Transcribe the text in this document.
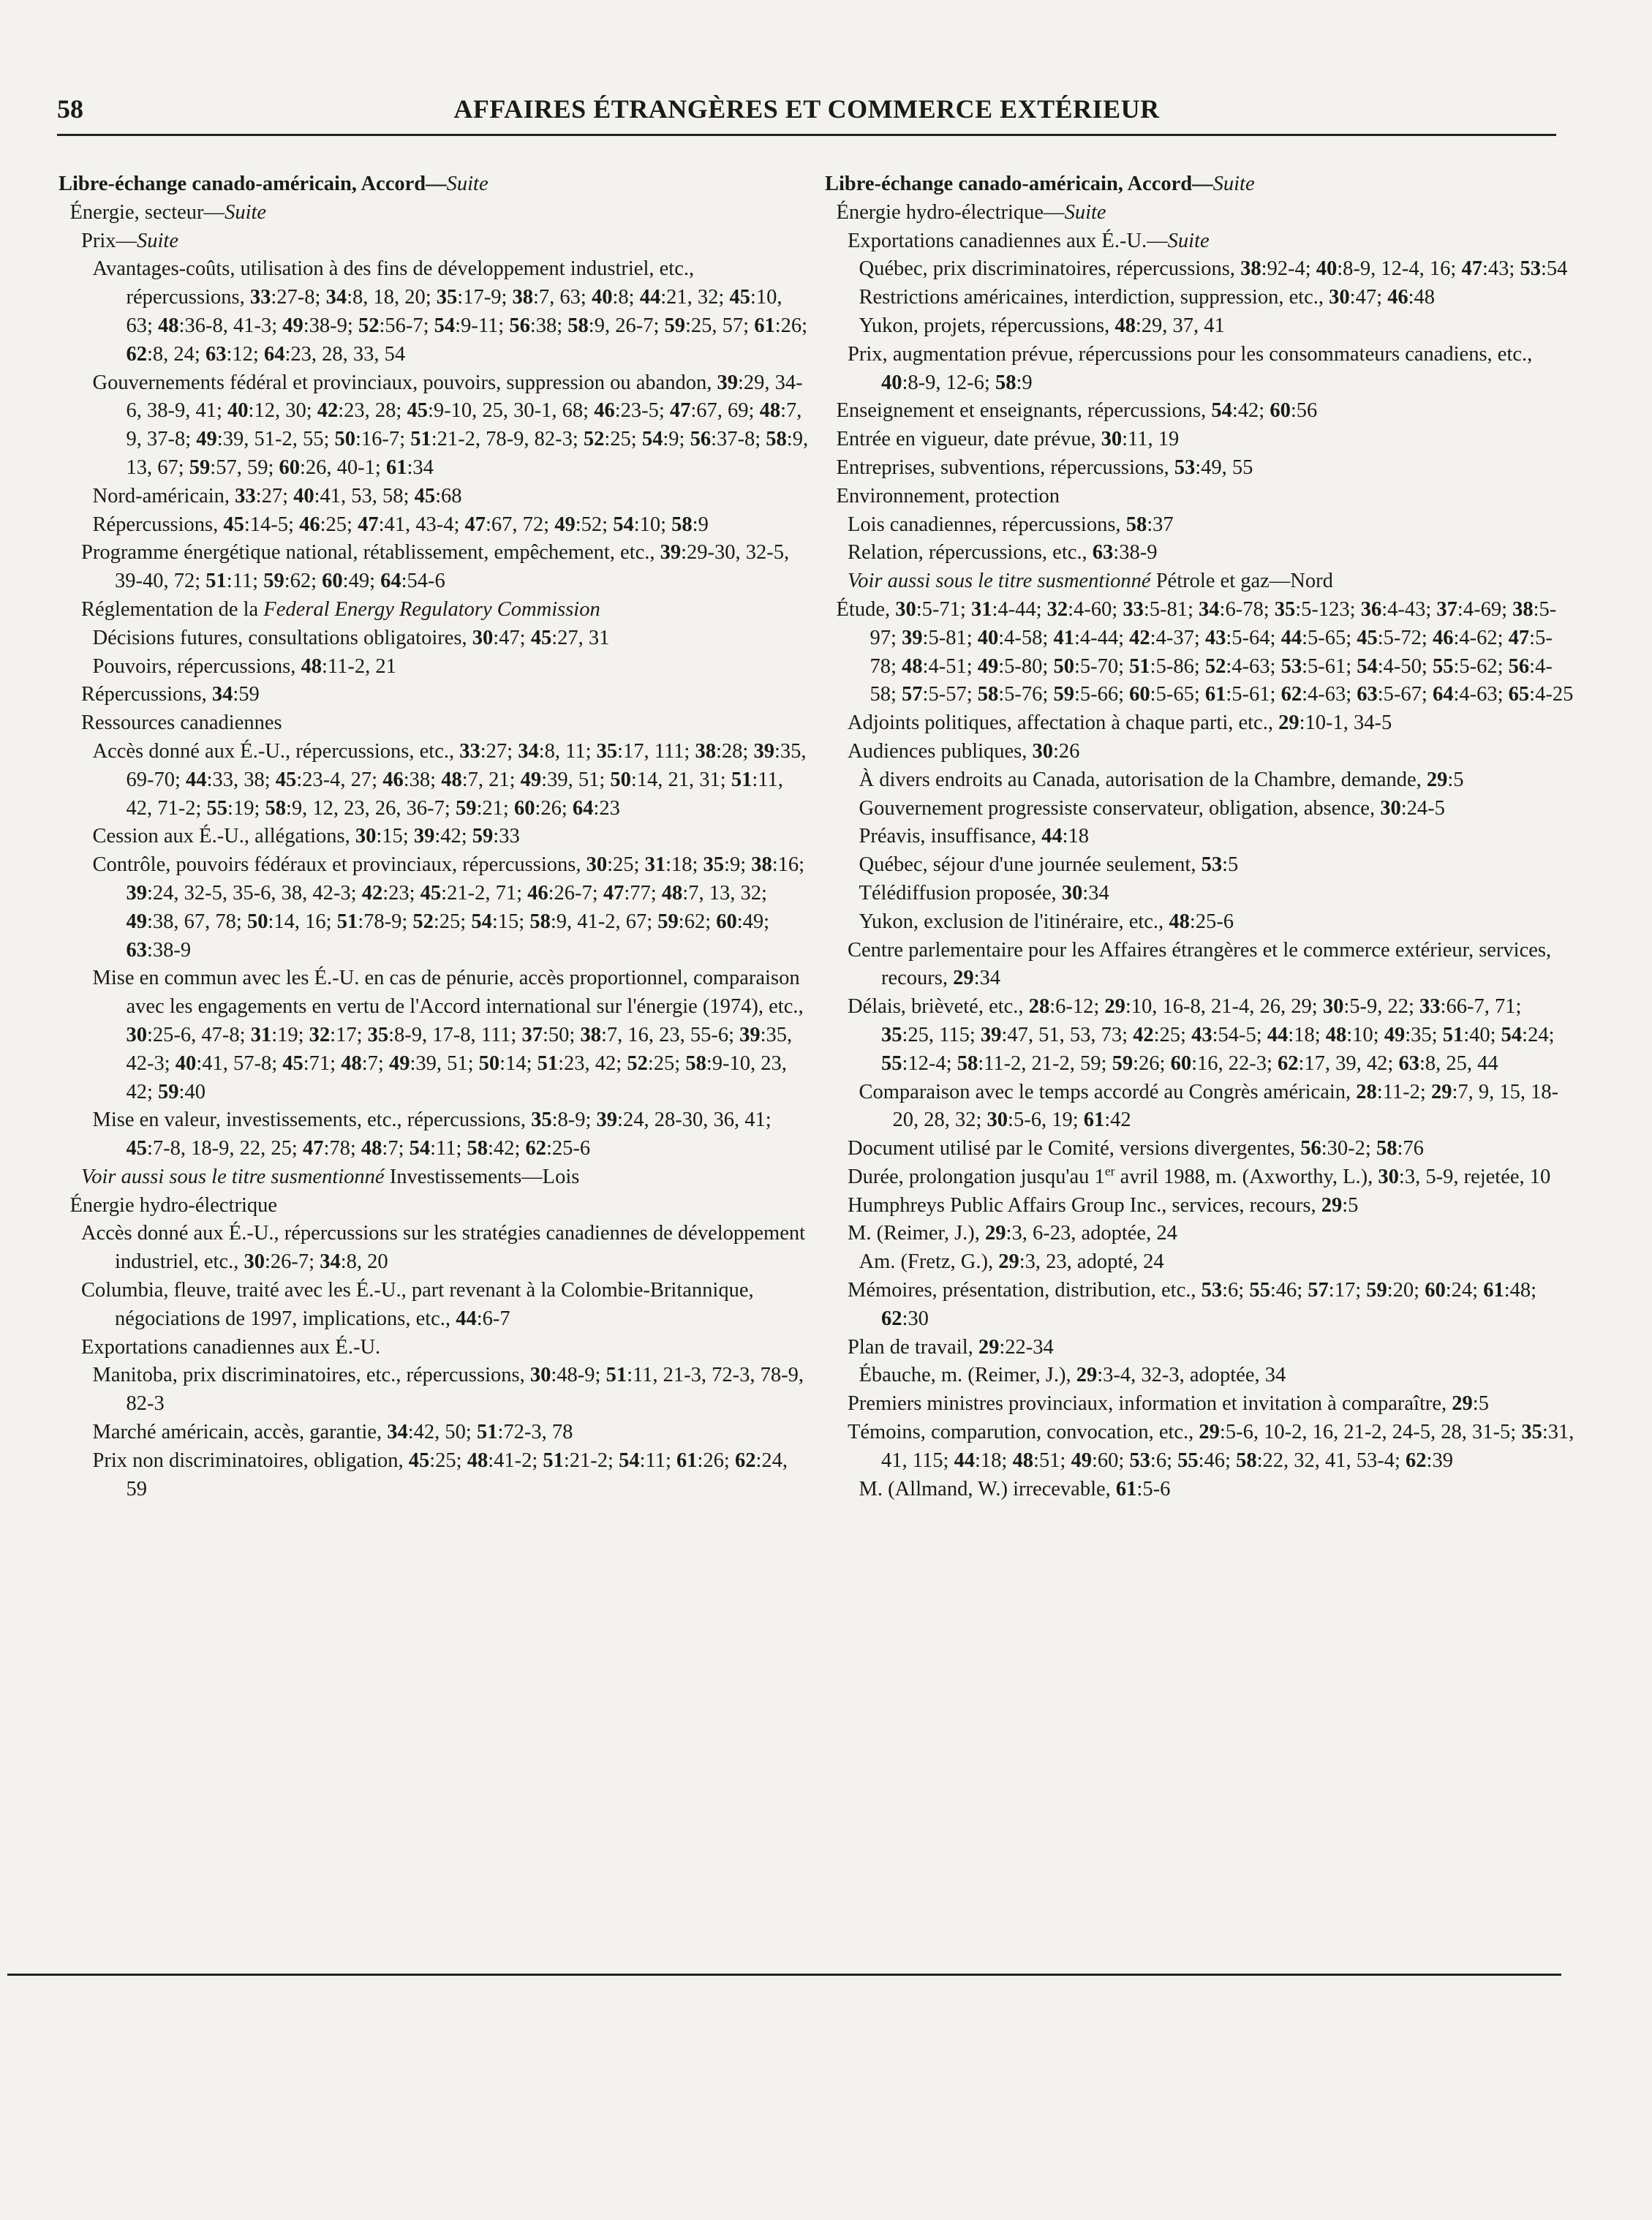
58	AFFAIRES ÉTRANGÈRES ET COMMERCE EXTÉRIEUR
Libre-échange canado-américain, Accord—Suite
Énergie, secteur—Suite
Prix—Suite
Avantages-coûts, utilisation à des fins de développement industriel, etc., répercussions, 33:27-8; 34:8, 18, 20; 35:17-9; 38:7, 63; 40:8; 44:21, 32; 45:10, 63; 48:36-8, 41-3; 49:38-9; 52:56-7; 54:9-11; 56:38; 58:9, 26-7; 59:25, 57; 61:26; 62:8, 24; 63:12; 64:23, 28, 33, 54
Gouvernements fédéral et provinciaux, pouvoirs, suppression ou abandon, 39:29, 34-6, 38-9, 41; 40:12, 30; 42:23, 28; 45:9-10, 25, 30-1, 68; 46:23-5; 47:67, 69; 48:7, 9, 37-8; 49:39, 51-2, 55; 50:16-7; 51:21-2, 78-9, 82-3; 52:25; 54:9; 56:37-8; 58:9, 13, 67; 59:57, 59; 60:26, 40-1; 61:34
Nord-américain, 33:27; 40:41, 53, 58; 45:68
Répercussions, 45:14-5; 46:25; 47:41, 43-4; 47:67, 72; 49:52; 54:10; 58:9
Programme énergétique national, rétablissement, empêchement, etc., 39:29-30, 32-5, 39-40, 72; 51:11; 59:62; 60:49; 64:54-6
Réglementation de la Federal Energy Regulatory Commission
Décisions futures, consultations obligatoires, 30:47; 45:27, 31
Pouvoirs, répercussions, 48:11-2, 21
Répercussions, 34:59
Ressources canadiennes
Accès donné aux É.-U., répercussions, etc., 33:27; 34:8, 11; 35:17, 111; 38:28; 39:35, 69-70; 44:33, 38; 45:23-4, 27; 46:38; 48:7, 21; 49:39, 51; 50:14, 21, 31; 51:11, 42, 71-2; 55:19; 58:9, 12, 23, 26, 36-7; 59:21; 60:26; 64:23
Cession aux É.-U., allégations, 30:15; 39:42; 59:33
Contrôle, pouvoirs fédéraux et provinciaux, répercussions, 30:25; 31:18; 35:9; 38:16; 39:24, 32-5, 35-6, 38, 42-3; 42:23; 45:21-2, 71; 46:26-7; 47:77; 48:7, 13, 32; 49:38, 67, 78; 50:14, 16; 51:78-9; 52:25; 54:15; 58:9, 41-2, 67; 59:62; 60:49; 63:38-9
Mise en commun avec les É.-U. en cas de pénurie, accès proportionnel, comparaison avec les engagements en vertu de l'Accord international sur l'énergie (1974), etc., 30:25-6, 47-8; 31:19; 32:17; 35:8-9, 17-8, 111; 37:50; 38:7, 16, 23, 55-6; 39:35, 42-3; 40:41, 57-8; 45:71; 48:7; 49:39, 51; 50:14; 51:23, 42; 52:25; 58:9-10, 23, 42; 59:40
Mise en valeur, investissements, etc., répercussions, 35:8-9; 39:24, 28-30, 36, 41; 45:7-8, 18-9, 22, 25; 47:78; 48:7; 54:11; 58:42; 62:25-6
Voir aussi sous le titre susmentionné Investissements—Lois
Énergie hydro-électrique
Accès donné aux É.-U., répercussions sur les stratégies canadiennes de développement industriel, etc., 30:26-7; 34:8, 20
Columbia, fleuve, traité avec les É.-U., part revenant à la Colombie-Britannique, négociations de 1997, implications, etc., 44:6-7
Exportations canadiennes aux É.-U.
Manitoba, prix discriminatoires, etc., répercussions, 30:48-9; 51:11, 21-3, 72-3, 78-9, 82-3
Marché américain, accès, garantie, 34:42, 50; 51:72-3, 78
Prix non discriminatoires, obligation, 45:25; 48:41-2; 51:21-2; 54:11; 61:26; 62:24, 59
Libre-échange canado-américain, Accord—Suite
Énergie hydro-électrique—Suite
Exportations canadiennes aux É.-U.—Suite
Québec, prix discriminatoires, répercussions, 38:92-4; 40:8-9, 12-4, 16; 47:43; 53:54
Restrictions américaines, interdiction, suppression, etc., 30:47; 46:48
Yukon, projets, répercussions, 48:29, 37, 41
Prix, augmentation prévue, répercussions pour les consommateurs canadiens, etc., 40:8-9, 12-6; 58:9
Enseignement et enseignants, répercussions, 54:42; 60:56
Entrée en vigueur, date prévue, 30:11, 19
Entreprises, subventions, répercussions, 53:49, 55
Environnement, protection
Lois canadiennes, répercussions, 58:37
Relation, répercussions, etc., 63:38-9
Voir aussi sous le titre susmentionné Pétrole et gaz—Nord
Étude, 30:5-71; 31:4-44; 32:4-60; 33:5-81; 34:6-78; 35:5-123; 36:4-43; 37:4-69; 38:5-97; 39:5-81; 40:4-58; 41:4-44; 42:4-37; 43:5-64; 44:5-65; 45:5-72; 46:4-62; 47:5-78; 48:4-51; 49:5-80; 50:5-70; 51:5-86; 52:4-63; 53:5-61; 54:4-50; 55:5-62; 56:4-58; 57:5-57; 58:5-76; 59:5-66; 60:5-65; 61:5-61; 62:4-63; 63:5-67; 64:4-63; 65:4-25
Adjoints politiques, affectation à chaque parti, etc., 29:10-1, 34-5
Audiences publiques, 30:26
À divers endroits au Canada, autorisation de la Chambre, demande, 29:5
Gouvernement progressiste conservateur, obligation, absence, 30:24-5
Préavis, insuffisance, 44:18
Québec, séjour d'une journée seulement, 53:5
Télédiffusion proposée, 30:34
Yukon, exclusion de l'itinéraire, etc., 48:25-6
Centre parlementaire pour les Affaires étrangères et le commerce extérieur, services, recours, 29:34
Délais, brièveté, etc., 28:6-12; 29:10, 16-8, 21-4, 26, 29; 30:5-9, 22; 33:66-7, 71; 35:25, 115; 39:47, 51, 53, 73; 42:25; 43:54-5; 44:18; 48:10; 49:35; 51:40; 54:24; 55:12-4; 58:11-2, 21-2, 59; 59:26; 60:16, 22-3; 62:17, 39, 42; 63:8, 25, 44
Comparaison avec le temps accordé au Congrès américain, 28:11-2; 29:7, 9, 15, 18-20, 28, 32; 30:5-6, 19; 61:42
Document utilisé par le Comité, versions divergentes, 56:30-2; 58:76
Durée, prolongation jusqu'au 1er avril 1988, m. (Axworthy, L.), 30:3, 5-9, rejetée, 10
Humphreys Public Affairs Group Inc., services, recours, 29:5
M. (Reimer, J.), 29:3, 6-23, adoptée, 24
Am. (Fretz, G.), 29:3, 23, adopté, 24
Mémoires, présentation, distribution, etc., 53:6; 55:46; 57:17; 59:20; 60:24; 61:48; 62:30
Plan de travail, 29:22-34
Ébauche, m. (Reimer, J.), 29:3-4, 32-3, adoptée, 34
Premiers ministres provinciaux, information et invitation à comparaître, 29:5
Témoins, comparution, convocation, etc., 29:5-6, 10-2, 16, 21-2, 24-5, 28, 31-5; 35:31, 41, 115; 44:18; 48:51; 49:60; 53:6; 55:46; 58:22, 32, 41, 53-4; 62:39
M. (Allmand, W.) irrecevable, 61:5-6
